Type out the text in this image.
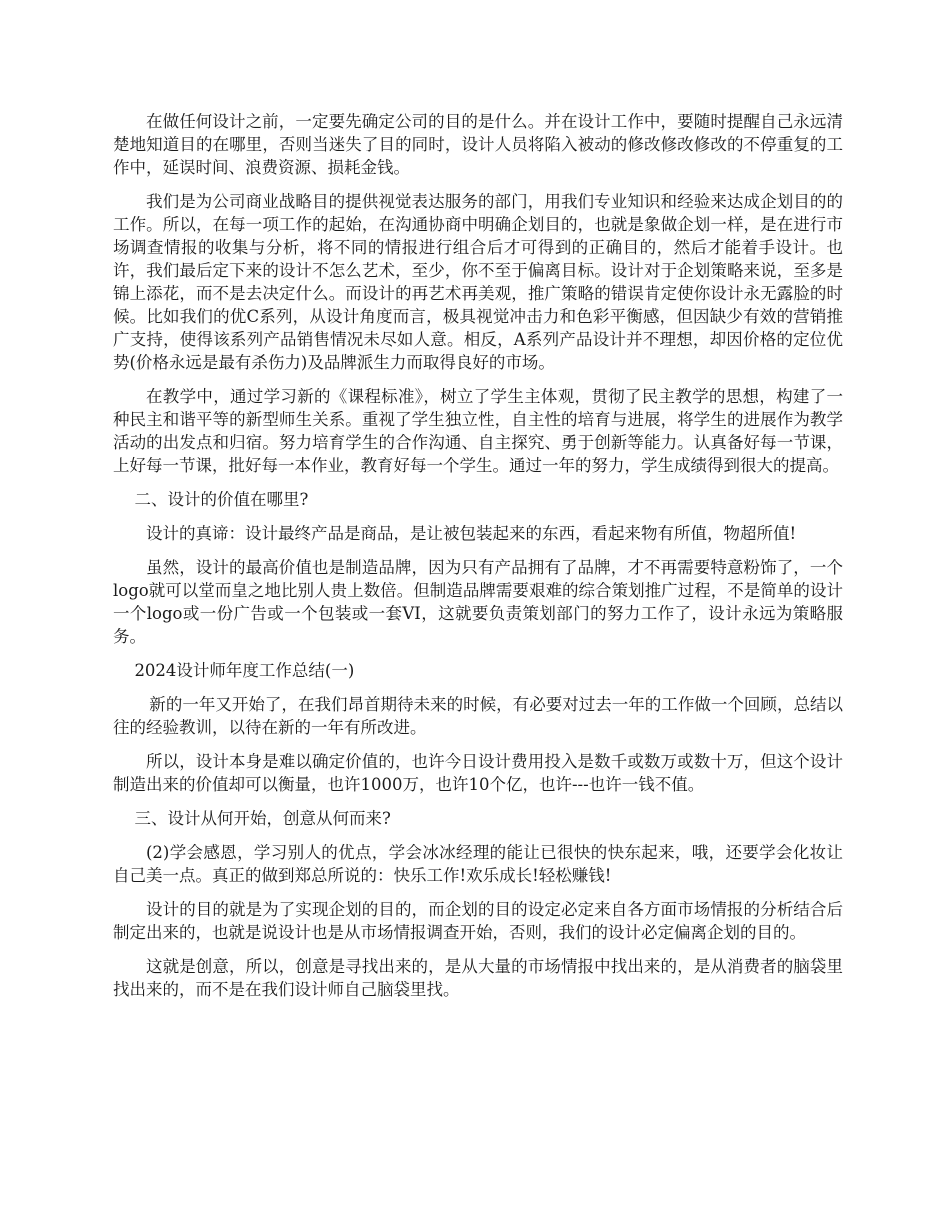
在做任何设计之前，一定要先确定公司的目的是什么。并在设计工作中，要随时提醒自己永远清楚地知道目的在哪里，否则当迷失了目的同时，设计人员将陷入被动的修改修改修改的不停重复的工作中，延误时间、浪费资源、损耗金钱。

我们是为公司商业战略目的提供视觉表达服务的部门，用我们专业知识和经验来达成企划目的的工作。所以，在每一项工作的起始，在沟通协商中明确企划目的，也就是象做企划一样，是在进行市场调查情报的收集与分析，将不同的情报进行组合后才可得到的正确目的，然后才能着手设计。也许，我们最后定下来的设计不怎么艺术，至少，你不至于偏离目标。设计对于企划策略来说，至多是锦上添花，而不是去决定什么。而设计的再艺术再美观，推广策略的错误肯定使你设计永无露脸的时候。比如我们的优C系列，从设计角度而言，极具视觉冲击力和色彩平衡感，但因缺少有效的营销推广支持，使得该系列产品销售情况未尽如人意。相反，A系列产品设计并不理想，却因价格的定位优势(价格永远是最有杀伤力)及品牌派生力而取得良好的市场。

在教学中，通过学习新的《课程标准》，树立了学生主体观，贯彻了民主教学的思想，构建了一种民主和谐平等的新型师生关系。重视了学生独立性，自主性的培育与进展，将学生的进展作为教学活动的出发点和归宿。努力培育学生的合作沟通、自主探究、勇于创新等能力。认真备好每一节课，上好每一节课，批好每一本作业，教育好每一个学生。通过一年的努力，学生成绩得到很大的提高。

二、设计的价值在哪里?

设计的真谛：设计最终产品是商品，是让被包装起来的东西，看起来物有所值，物超所值!

虽然，设计的最高价值也是制造品牌，因为只有产品拥有了品牌，才不再需要特意粉饰了，一个logo就可以堂而皇之地比别人贵上数倍。但制造品牌需要艰难的综合策划推广过程，不是简单的设计一个logo或一份广告或一个包装或一套VI，这就要负责策划部门的努力工作了，设计永远为策略服务。

2024设计师年度工作总结(一)

新的一年又开始了，在我们昂首期待未来的时候，有必要对过去一年的工作做一个回顾，总结以往的经验教训，以待在新的一年有所改进。

所以，设计本身是难以确定价值的，也许今日设计费用投入是数千或数万或数十万，但这个设计制造出来的价值却可以衡量，也许1000万，也许10个亿，也许---也许一钱不值。

三、设计从何开始，创意从何而来?

(2)学会感恩，学习别人的优点，学会冰冰经理的能让已很快的快东起来，哦，还要学会化妆让自己美一点。真正的做到郑总所说的：快乐工作!欢乐成长!轻松赚钱!

设计的目的就是为了实现企划的目的，而企划的目的设定必定来自各方面市场情报的分析结合后制定出来的，也就是说设计也是从市场情报调查开始，否则，我们的设计必定偏离企划的目的。

这就是创意，所以，创意是寻找出来的，是从大量的市场情报中找出来的，是从消费者的脑袋里找出来的，而不是在我们设计师自己脑袋里找。
